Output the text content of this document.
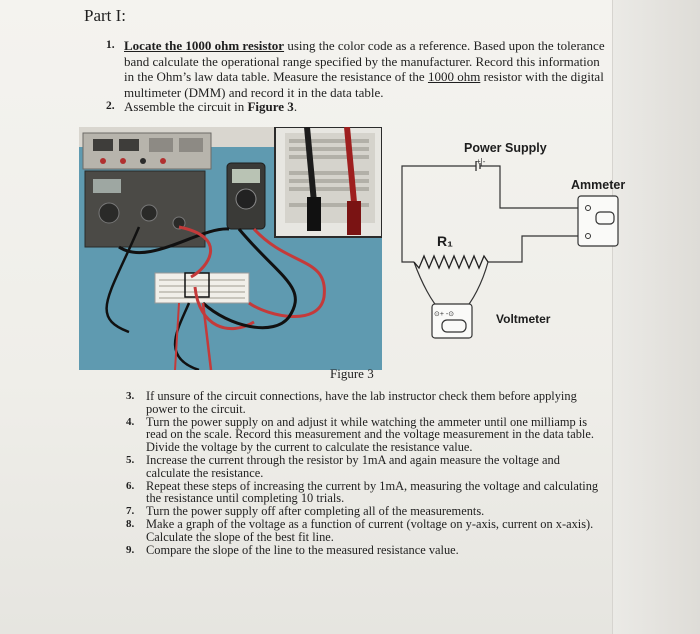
Part I:
1. Locate the 1000 ohm resistor using the color code as a reference. Based upon the tolerance band calculate the operational range specified by the manufacturer. Record this information in the Ohm’s law data table. Measure the resistance of the 1000 ohm resistor with the digital multimeter (DMM) and record it in the data table.
2. Assemble the circuit in Figure 3.
Power Supply
+|-
Ammeter
R₁
Voltmeter
⊙+ -⊙
Figure 3
3. If unsure of the circuit connections, have the lab instructor check them before applying power to the circuit.
4. Turn the power supply on and adjust it while watching the ammeter until one milliamp is read on the scale. Record this measurement and the voltage measurement in the data table. Divide the voltage by the current to calculate the resistance value.
5. Increase the current through the resistor by 1mA and again measure the voltage and calculate the resistance.
6. Repeat these steps of increasing the current by 1mA, measuring the voltage and calculating the resistance until completing 10 trials.
7. Turn the power supply off after completing all of the measurements.
8. Make a graph of the voltage as a function of current (voltage on y-axis, current on x-axis). Calculate the slope of the best fit line.
9. Compare the slope of the line to the measured resistance value.
